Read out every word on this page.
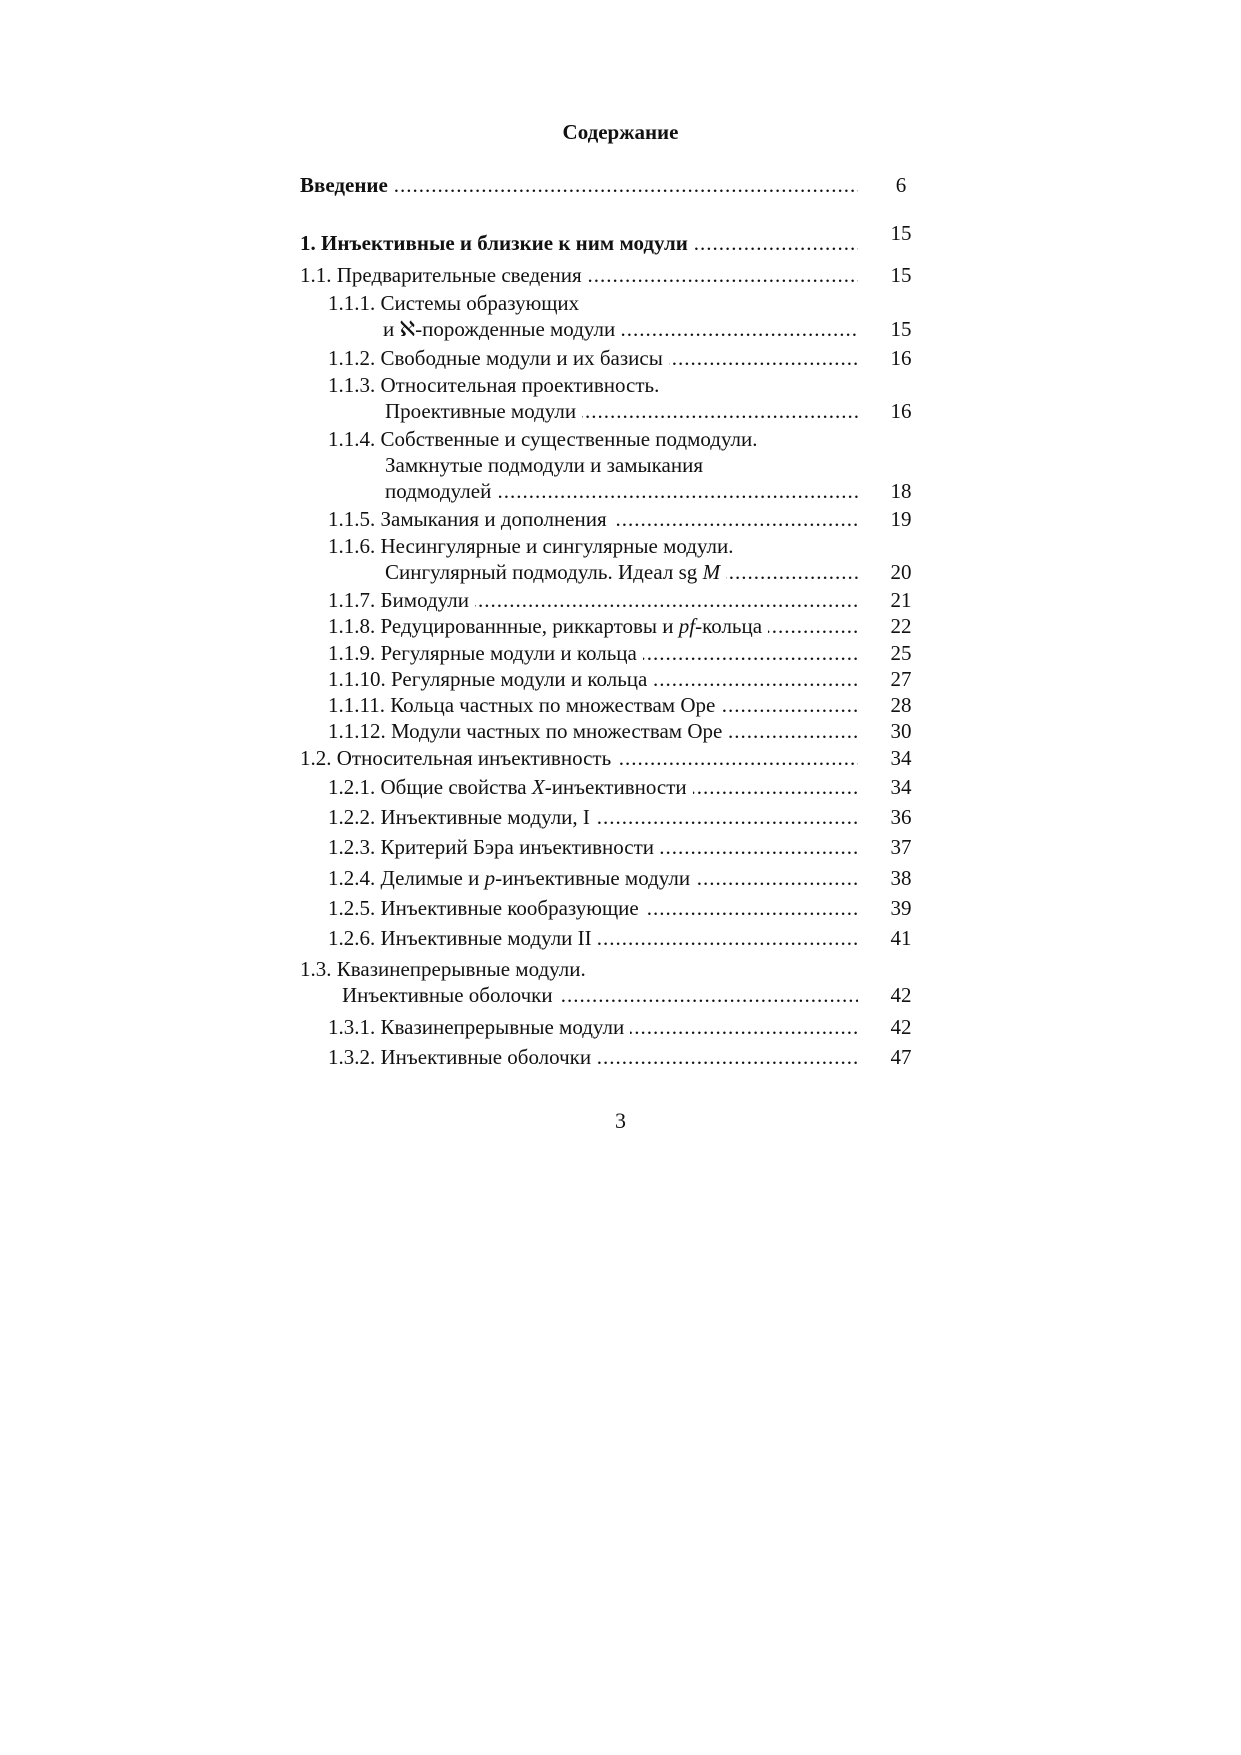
Содержание
.....
Введение	6
.....
1. Инъективные и близкие к ним модули	15
.....
1.1. Предварительные сведения	15
1.1.1. Системы образующих
.....
и ℵ-порожденные модули	15
.....
1.1.2. Свободные модули и их базисы	16
1.1.3. Относительная проективность.
.....
Проективные модули	16
1.1.4. Собственные и существенные подмодули.
Замкнутые подмодули и замыкания
.....
подмодулей	18
.....
1.1.5. Замыкания и дополнения	19
1.1.6. Несингулярные и сингулярные модули.
.....
Сингулярный подмодуль. Идеал sg M	20
.....
1.1.7. Бимодули	21
.....
1.1.8. Редуцированнные, риккартовы и pf-кольца	22
.....
1.1.9. Регулярные модули и кольца	25
.....
1.1.10. Регулярные модули и кольца	27
.....
1.1.11. Кольца частных по множествам Оре	28
.....
1.1.12. Модули частных по множествам Оре	30
.....
1.2. Относительная инъективность	34
.....
1.2.1. Общие свойства X-инъективности	34
.....
1.2.2. Инъективные модули, I	36
.....
1.2.3. Критерий Бэра инъективности	37
.....
1.2.4. Делимые и p-инъективные модули	38
.....
1.2.5. Инъективные кообразующие	39
.....
1.2.6. Инъективные модули II	41
1.3. Квазинепрерывные модули.
.....
Инъективные оболочки	42
.....
1.3.1. Квазинепрерывные модули	42
.....
1.3.2. Инъективные оболочки	47
3
